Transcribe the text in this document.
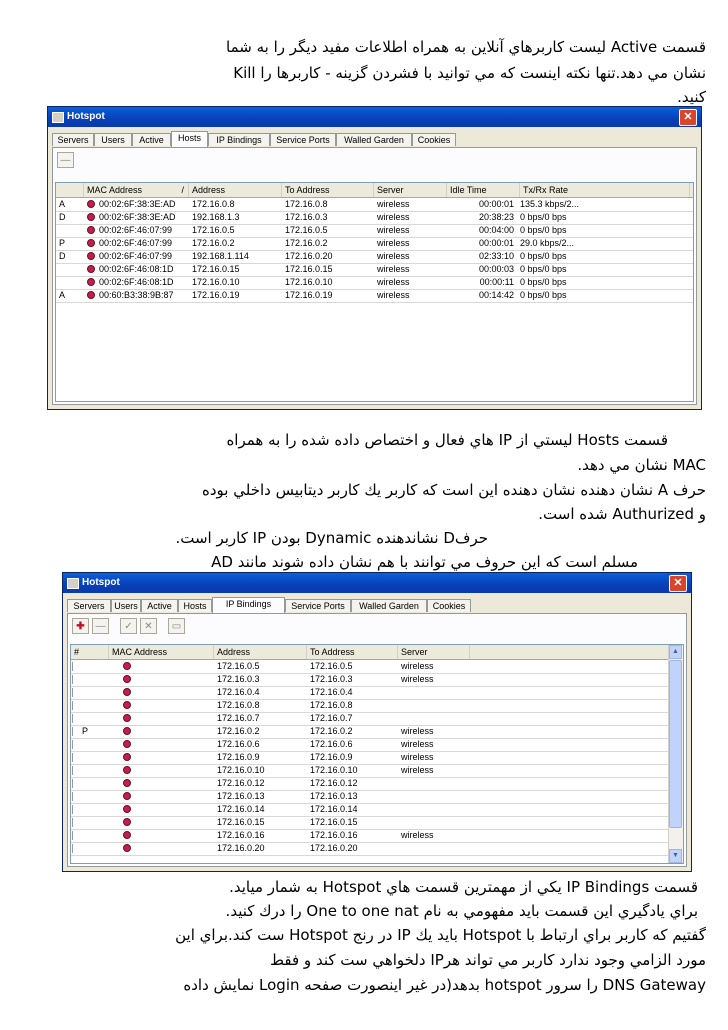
قسمت Active ليست كاربرهاي آنلاين به همراه اطلاعات مفيد ديگر را به شما
نشان مي دهد.تنها نكته اينست كه مي توانيد با فشردن گزينه - كاربرها را Kill
كنيد.
Hotspot	✕
Servers	Users	Active	Hosts	IP Bindings	Service Ports	Walled Garden	Cookies
—
MAC Address	/ Address	To Address	Server	Idle Time	Tx/Rx Rate
A	00:02:6F:38:3E:AD	172.16.0.8	172.16.0.8	wireless	00:00:01 135.3 kbps/2...
D	00:02:6F:38:3E:AD	192.168.1.3	172.16.0.3	wireless	20:38:23 0 bps/0 bps
00:02:6F:46:07:99	172.16.0.5	172.16.0.5	wireless	00:04:00 0 bps/0 bps
P	00:02:6F:46:07:99	172.16.0.2	172.16.0.2	wireless	00:00:01 29.0 kbps/2...
D	00:02:6F:46:07:99	192.168.1.114	172.16.0.20	wireless	02:33:10 0 bps/0 bps
00:02:6F:46:08:1D	172.16.0.15	172.16.0.15	wireless	00:00:03 0 bps/0 bps
00:02:6F:46:08:1D	172.16.0.10	172.16.0.10	wireless	00:00:11 0 bps/0 bps
A	00:60:B3:38:9B:87	172.16.0.19	172.16.0.19	wireless	00:14:42 0 bps/0 bps
قسمت Hosts ليستي از IP هاي فعال و اختصاص داده شده را به همراه
MAC نشان مي دهد.
حرف A نشان دهنده نشان دهنده اين است كه كاربر يك كاربر ديتابيس داخلي بوده
و Authurized شده است.
حرفD نشاندهنده Dynamic بودن IP كاربر است.
مسلم است كه اين حروف مي توانند با هم نشان داده شوند مانند AD
Hotspot	✕
Servers	Users	Active	Hosts	IP Bindings	Service Ports	Walled Garden	Cookies
✚	—	✓	✕	▭
#	MAC Address	Address	To Address	Server
172.16.0.5	172.16.0.5	wireless
172.16.0.3	172.16.0.3	wireless
172.16.0.4	172.16.0.4
172.16.0.8	172.16.0.8
172.16.0.7	172.16.0.7
P	172.16.0.2	172.16.0.2	wireless
172.16.0.6	172.16.0.6	wireless
172.16.0.9	172.16.0.9	wireless
172.16.0.10	172.16.0.10	wireless
172.16.0.12	172.16.0.12
172.16.0.13	172.16.0.13
172.16.0.14	172.16.0.14
172.16.0.15	172.16.0.15
172.16.0.16	172.16.0.16	wireless
172.16.0.20	172.16.0.20
▲
▼
قسمت IP Bindings يكي از مهمترين قسمت هاي Hotspot به شمار ميايد.
براي يادگيري اين قسمت بايد مفهومي به نام One to one nat را درك كنيد.
گفتيم كه كاربر براي ارتباط با Hotspot بايد يك IP در رنج Hotspot ست كند.براي اين
مورد الزامي وجود ندارد كاربر مي تواند هرIP دلخواهي ست كند و فقط
DNS Gateway را سرور hotspot بدهد(در غير اينصورت صفحه Login نمايش داده
